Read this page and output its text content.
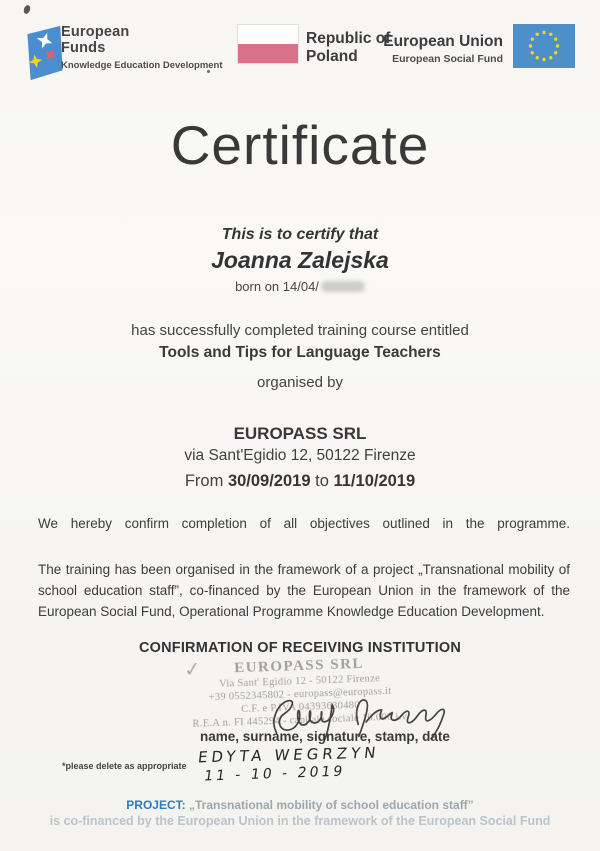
European Funds
Knowledge Education Development
Republic of Poland
European Union
European Social Fund
Certificate
This is to certify that
Joanna Zalejska
born on 14/04/
has successfully completed training course entitled
Tools and Tips for Language Teachers
organised by
EUROPASS SRL
via Sant'Egidio 12, 50122 Firenze
From 30/09/2019 to 11/10/2019
We hereby confirm completion of all objectives outlined in the programme.
The training has been organised in the framework of a project „Transnational mobility of school education staff”, co-financed by the European Union in the framework of the European Social Fund, Operational Programme Knowledge Education Development.
CONFIRMATION OF RECEIVING INSTITUTION
✓	EUROPASS SRL
Via Sant' Egidio 12 - 50122 Firenze
+39 0552345802 - europass@europass.it
C.F. e P.IVA 04393630480
R.E.A n. FI 445294 - capitale sociale 10.000 i.v.
name, surname, signature, stamp, date
EDYTA WEGRZYN
11 - 10 - 2019
*please delete as appropriate
PROJECT: „Transnational mobility of school education staff”
is co-financed by the European Union in the framework of the European Social Fund
